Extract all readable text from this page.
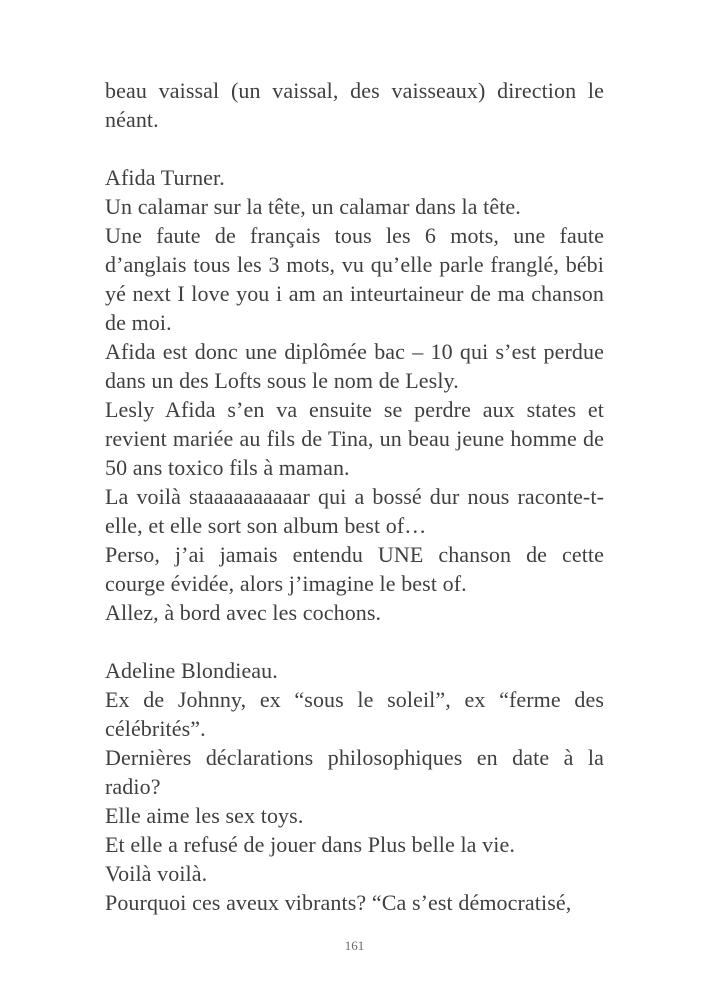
beau vaissal (un vaissal, des vaisseaux) direction le néant.

Afida Turner.

Un calamar sur la tête, un calamar dans la tête.

Une faute de français tous les 6 mots, une faute d’anglais tous les 3 mots, vu qu’elle parle franglé, bébi yé next I love you i am an inteurtaineur de ma chanson de moi.

Afida est donc une diplômée bac – 10 qui s’est perdue dans un des Lofts sous le nom de Lesly.

Lesly Afida s’en va ensuite se perdre aux states et revient mariée au fils de Tina, un beau jeune homme de 50 ans toxico fils à maman.

La voilà staaaaaaaaaar qui a bossé dur nous raconte-t-elle, et elle sort son album best of…

Perso, j’ai jamais entendu UNE chanson de cette courge évidée, alors j’imagine le best of.

Allez, à bord avec les cochons.

Adeline Blondieau.

Ex de Johnny, ex “sous le soleil”, ex “ferme des célébrités”.

Dernières déclarations philosophiques en date à la radio?

Elle aime les sex toys.

Et elle a refusé de jouer dans Plus belle la vie.

Voilà voilà.

Pourquoi ces aveux vibrants? “Ca s’est démocratisé,

161
